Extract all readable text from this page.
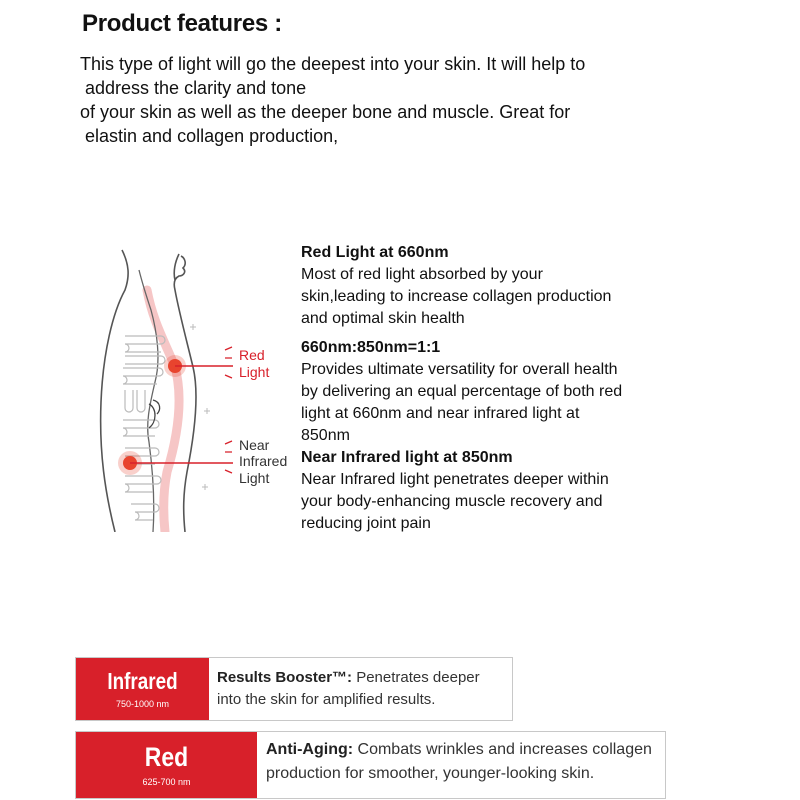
Product features :
This type of light will go the deepest into your skin. It will help to
address the clarity and tone
of your skin as well as the deeper bone and muscle. Great for
elastin and collagen production,
Red
Light
Near
Infrared
Light
Red Light at 660nm
Most of red light absorbed by your
skin,leading to increase collagen production
and optimal skin health
660nm:850nm=1:1
Provides ultimate versatility for overall health
by delivering an equal percentage of both red
light at 660nm and near infrared light at
850nm
Near Infrared light at 850nm
Near Infrared light penetrates deeper within
your body-enhancing muscle recovery and
reducing joint pain
Infrared
750-1000 nm
Results Booster™: Penetrates deeper into the skin for amplified results.
Red
625-700 nm
Anti-Aging: Combats wrinkles and increases collagen production for smoother, younger-looking skin.
